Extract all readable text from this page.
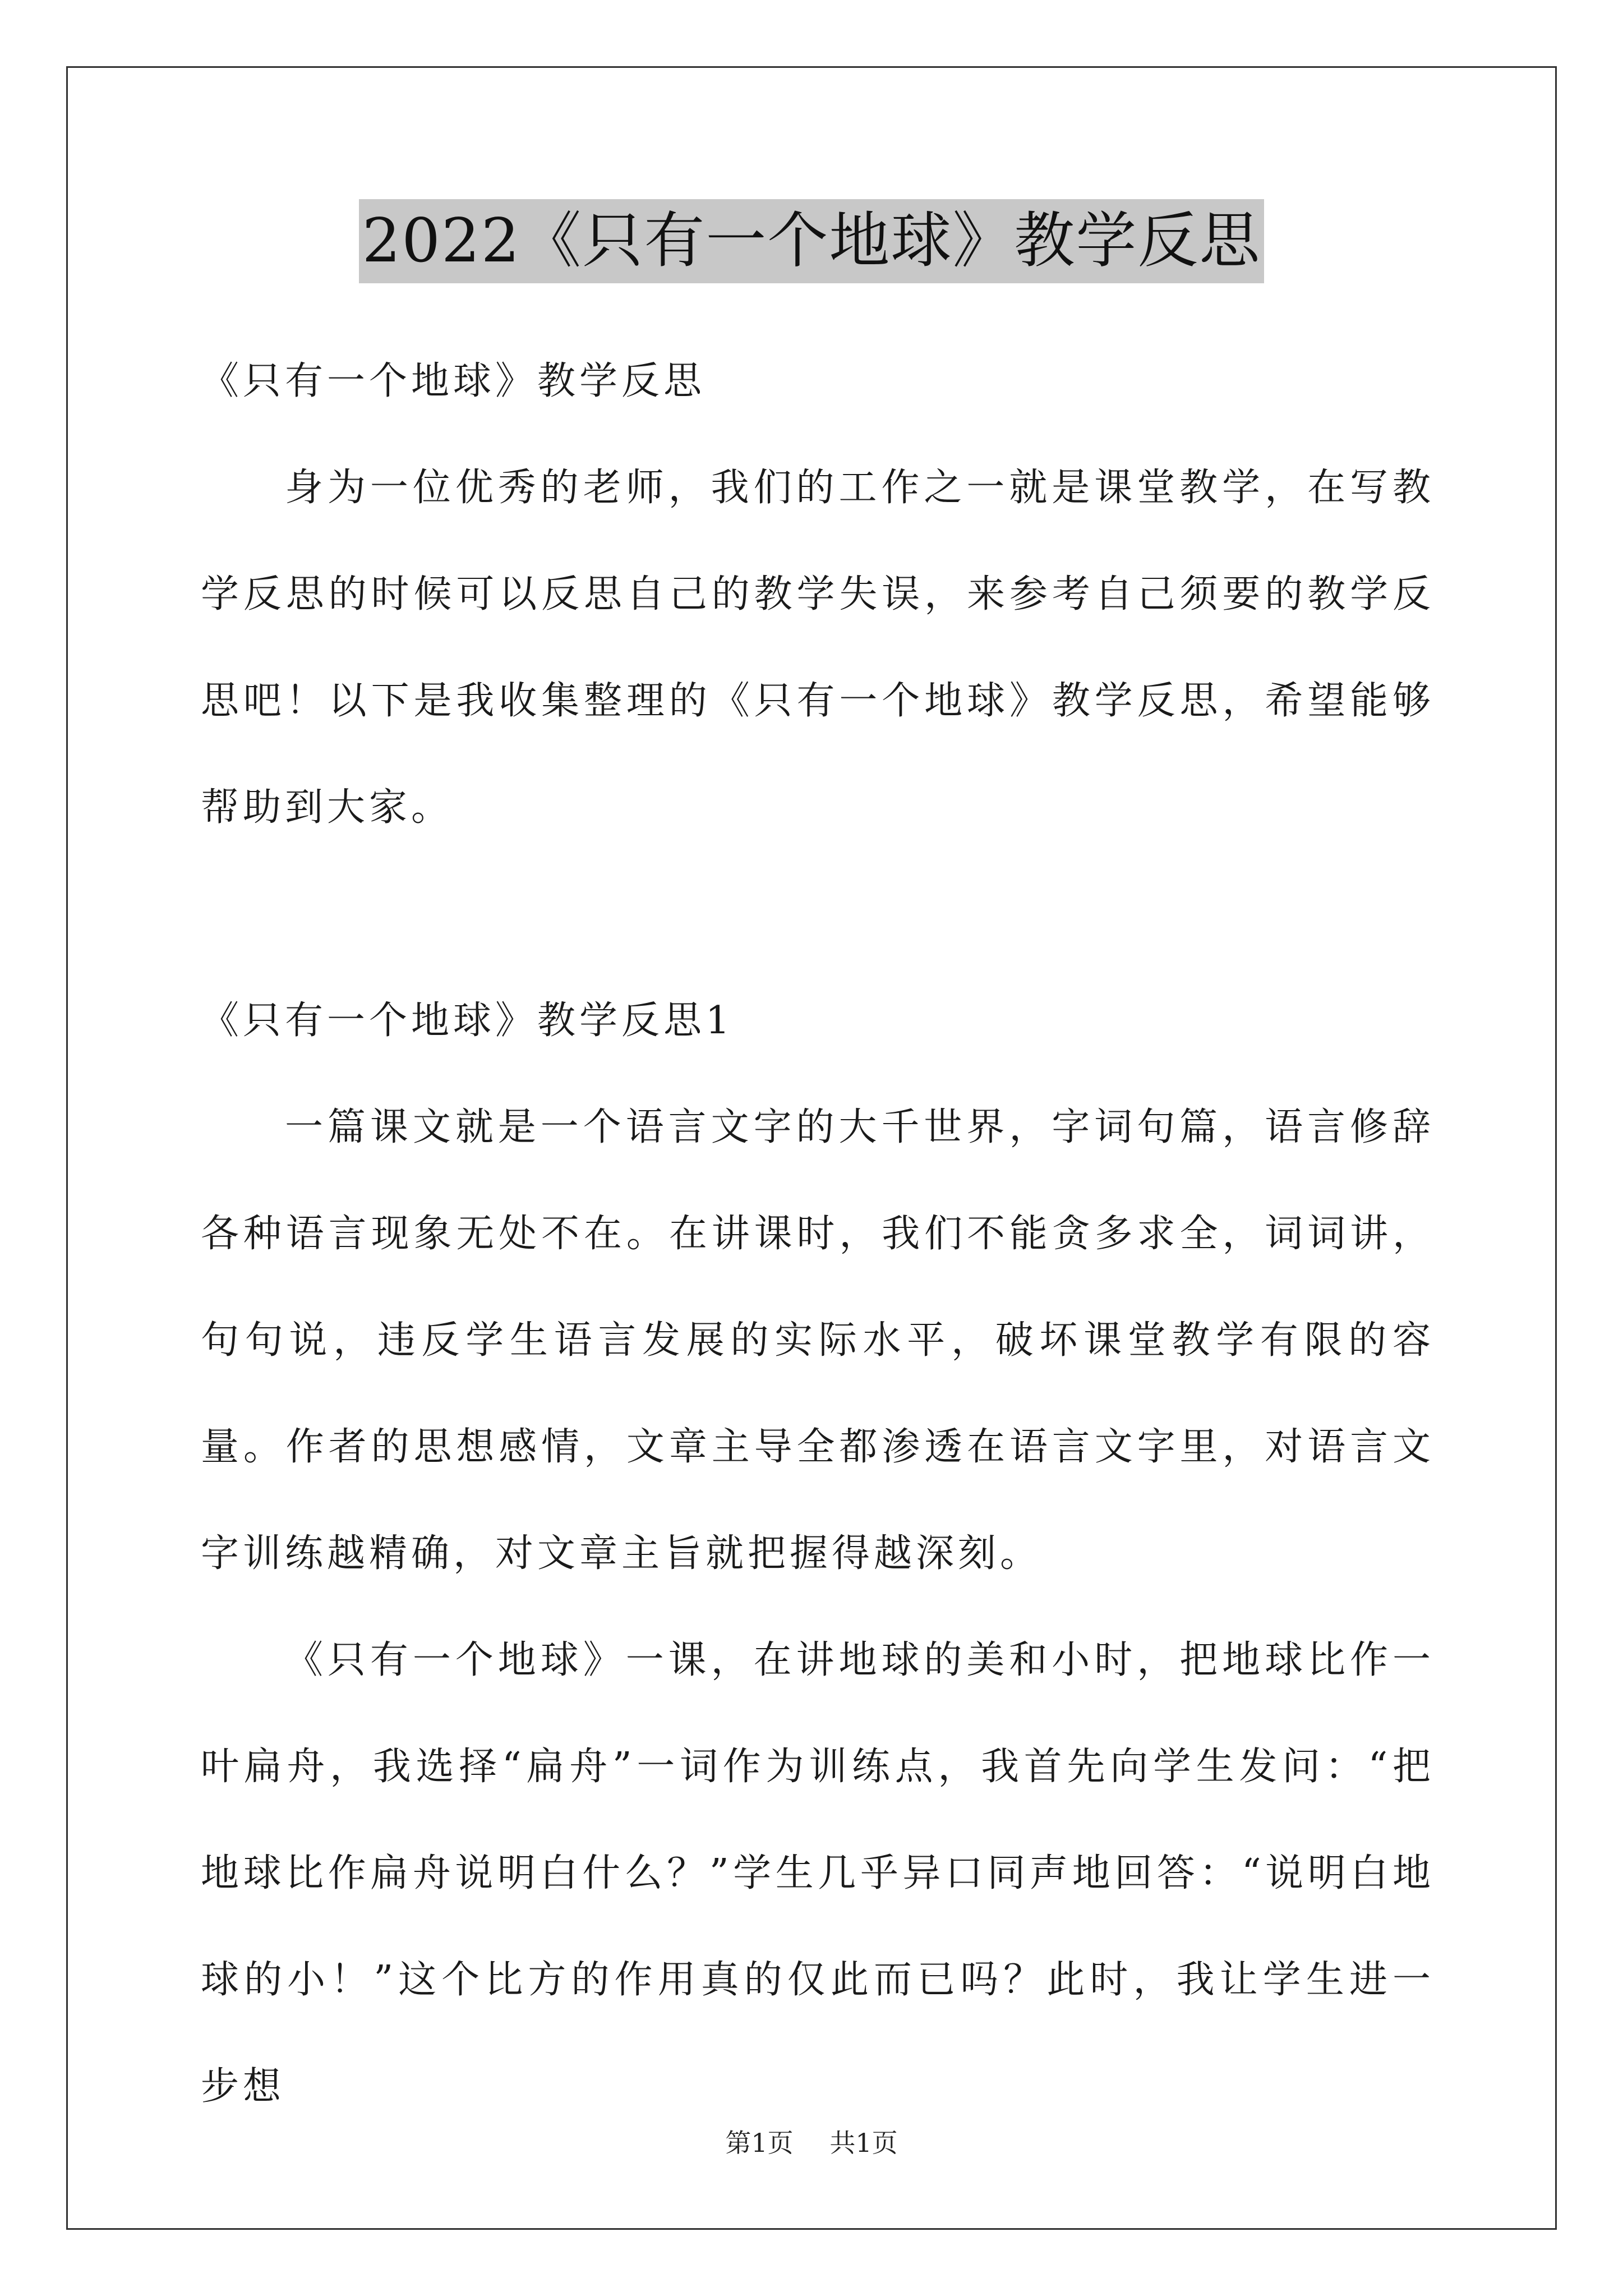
2022《只有一个地球》教学反思

《只有一个地球》教学反思

身为一位优秀的老师，我们的工作之一就是课堂教学，在写教学反思的时候可以反思自己的教学失误，来参考自己须要的教学反思吧！以下是我收集整理的《只有一个地球》教学反思，希望能够帮助到大家。

《只有一个地球》教学反思1

一篇课文就是一个语言文字的大千世界，字词句篇，语言修辞各种语言现象无处不在。在讲课时，我们不能贪多求全，词词讲，句句说，违反学生语言发展的实际水平，破坏课堂教学有限的容量。作者的思想感情，文章主导全都渗透在语言文字里，对语言文字训练越精确，对文章主旨就把握得越深刻。

《只有一个地球》一课，在讲地球的美和小时，把地球比作一叶扁舟，我选择“扁舟”一词作为训练点，我首先向学生发问：“把地球比作扁舟说明白什么？”学生几乎异口同声地回答：“说明白地球的小！”这个比方的作用真的仅此而已吗？此时，我让学生进一步想

第1页 共1页
